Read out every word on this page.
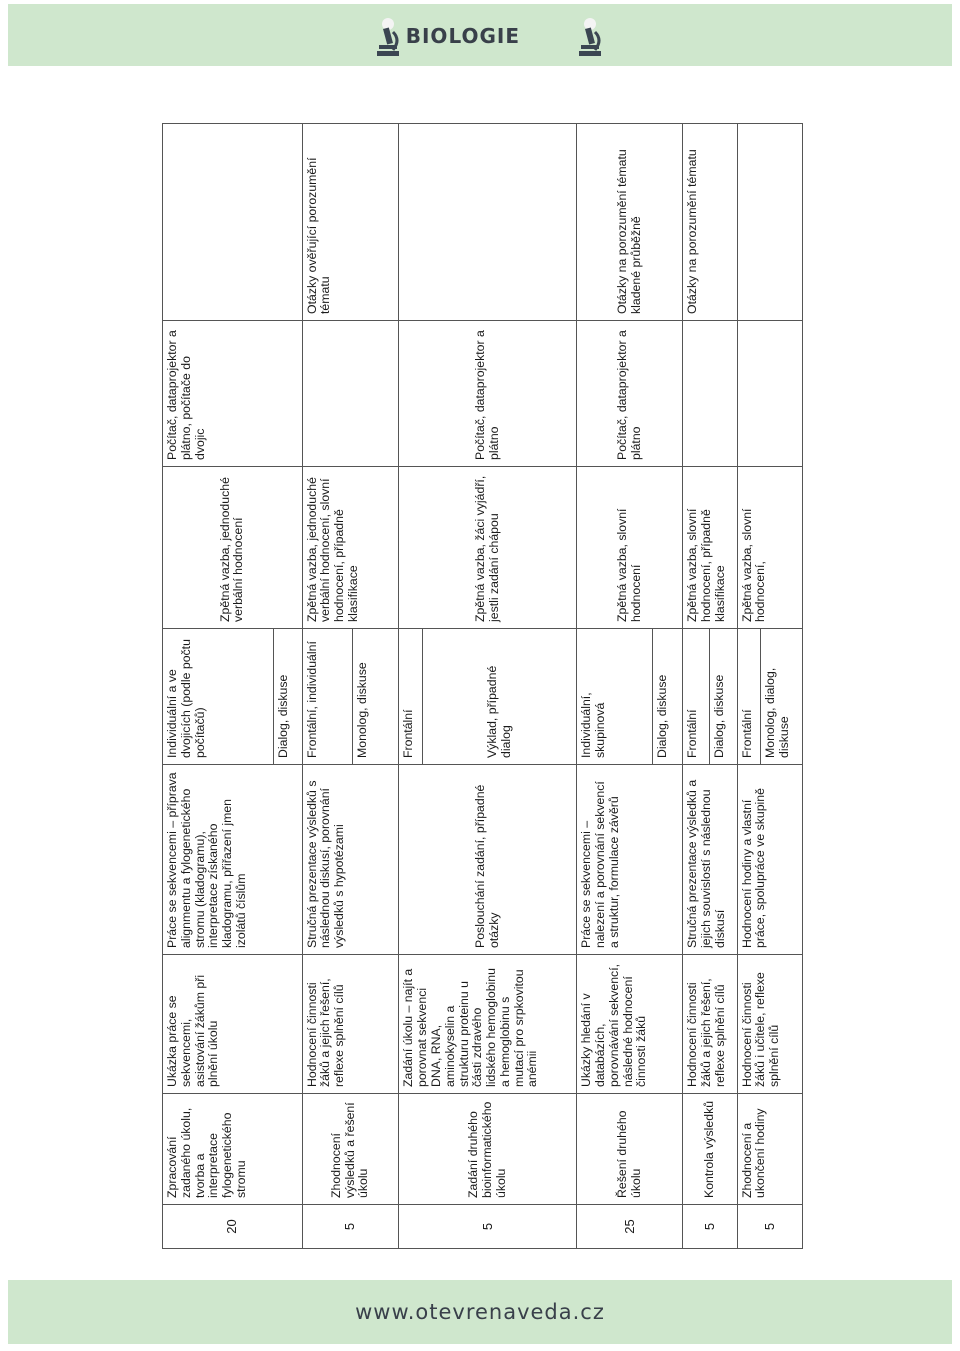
BIOLOGIE
20	Zpracování zadaného úkolu, tvorba a interpretace fylogenetického stromu	Ukázka práce se sekvencemi, asistování žákům při plnění úkolu	Práce se sekvencemi – příprava alignmentu a fylogenetického stromu (kladogramu), interpretace získaného kladogramu, přiřazení jmen izolátů číslům	Individuální a ve dvojicích (podle počtu počítačů)	Zpětná vazba, jednoduché verbální hodnocení	Počítač, dataprojektor a plátno, počítače do dvojic	
				Dialog, diskuse			
5	Zhodnocení výsledků a řešení úkolu	Hodnocení činnosti žáků a jejich řešení, reflexe splnění cílů	Stručná prezentace výsledků s následnou diskusí, porovnání výsledků s hypotézami	Frontální, individuální	Zpětná vazba, jednoduché verbální hodnocení, slovní hodnocení, případně klasifikace		Otázky ověřující porozumění tématu
				Monolog, diskuse			
5	Zadání druhého bioinformatického úkolu	Zadání úkolu – najít a porovnat sekvenci DNA, RNA, aminokyselin a strukturu proteinu u části zdravého lidského hemoglobinu a hemoglobinu s mutací pro srpkovitou anémii	Poslouchání zadání, případné otázky	Frontální	Zpětná vazba, žáci vyjádří, jestli zadání chápou	Počítač, dataprojektor a plátno	
				Výklad, případné dialog			
25	Řešení druhého úkolu	Ukázky hledání v databázích, porovnávání sekvencí, následné hodnocení činnosti žáků	Práce se sekvencemi – nalezení a porovnání sekvencí a struktur, formulace závěrů	Individuální, skupinová	Zpětná vazba, slovní hodnocení	Počítač, dataprojektor a plátno	Otázky na porozumění tématu kladené průběžně
				Dialog, diskuse			
5	Kontrola výsledků	Hodnocení činnosti žáků a jejich řešení, reflexe splnění cílů	Stručná prezentace výsledků a jejich souvislostí s následnou diskusí	Frontální	Zpětná vazba, slovní hodnocení, případně klasifikace		Otázky na porozumění tématu
				Dialog, diskuse			
5	Zhodnocení a ukončení hodiny	Hodnocení činnosti žáků i učitele, reflexe splnění cílů	Hodnocení hodiny a vlastní práce, spolupráce ve skupině	Frontální	Zpětná vazba, slovní hodnocení,		
				Monolog, dialog, diskuse			
www.otevrenaveda.cz
